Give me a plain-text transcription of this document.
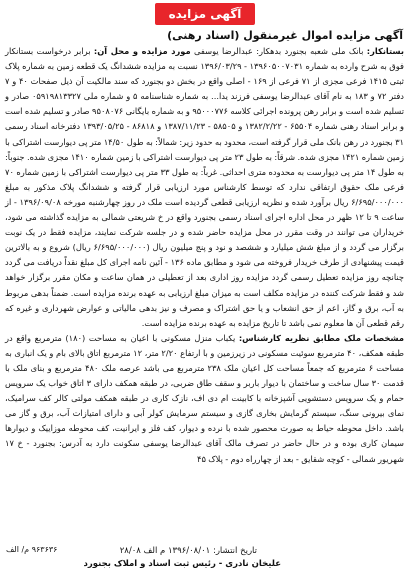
آگهی مزایده
آگهی مزایده اموال غیرمنقول (اسناد رهنی)
بستانکار: بانک ملی شعبه بجنورد بدهکار: عبدالرضا یوسفی مورد مزایده و محل آن: برابر درخواست بستانکار فوق به شرح وارده به شماره ۱۳۹۶۰۵۰۰۷۰۳۱ - ۱۳۹۶/۰۳/۲۹ نسبت به مزایده ششدانگ یک قطعه زمین به شماره پلاک ثبتی ۱۴۱۵ فرعی مجزی از ۷۱ فرعی از ۱۶۹ - اصلی واقع در بخش دو بجنورد که سند مالکیت آن ذیل صفحات ۴۰ و ۷ دفتر ۷۲ و ۱۸۳ به نام آقای عبدالرضا یوسفی فرزند یدا... به شماره شناسنامه ۵ و شماره ملی ۰۵۹۱۹۸۱۳۳۲۷ صادر و تسلیم شده است و برابر رهن پرونده اجرائی کلاسه ۹۵۰۰۰۷۷۶ و به شماره بایگانی ۹۵۰۸۰۷۶ صادر و تسلیم شده است و برابر اسناد رهنی شماره ۶۵۵۰۴ - ۱۳۸۲/۲/۲۲ و ۵۸۵۰۵ - ۱۳۸۷/۱۱/۲۳ و ۸۶۸۱۸ - ۱۳۹۳/۰۵/۲۵ دفترخانه اسناد رسمی ۳۱ بجنورد در رهن بانک ملی قرار گرفته است، محدود به حدود زیر: شمالاً: به طول ۱۴/۵۰ متر پی دیوارست اشتراکی با زمین شماره ۱۴۲۱ مجزی شده. شرقاً: به طول ۲۳ متر پی دیوارست اشتراکی با زمین شماره ۱۴۱۰ مجزی شده. جنوباً: به طول ۱۴ متر پی دیوارست به محدوده متری احداثی. غرباً: به طول ۳۳ متر پی دیوارست اشتراکی با زمین شماره ۷۰ فرعی ملک حقوق ارتفاقی ندارد که توسط کارشناس مورد ارزیابی قرار گرفته و ششدانگ پلاک مذکور به مبلغ ۶/۶۹۵/۰۰۰/۰۰۰ ریال برآورد شده و نظریه ارزیابی قطعی گردیده است ملک در روز چهارشنبه مورخه ۱۳۹۶/۰۹/۰۸ - از ساعت ۹ تا ۱۲ ظهر در محل اداره اجرای اسناد رسمی بجنورد واقع در خ شریعتی شمالی به مزایده گذاشته می شود، خریداران می توانند در وقت مقرر در محل مزایده حاضر شده و در جلسه شرکت نمایند، مزایده فقط در یک نوبت برگزار می گردد و از مبلغ شش میلیارد و ششصد و نود و پنج میلیون ریال (۶/۶۹۵/۰۰۰/۰۰۰ ریال) شروع و به بالاترین قیمت پیشنهادی از طرف خریدار فروخته می شود و مطابق ماده ۱۳۶ - آئین نامه اجرای کل مبلغ نقداً دریافت می گردد چنانچه روز مزایده تعطیل رسمی گردد مزایده روز اداری بعد از تعطیلی در همان ساعت و مکان مقرر برگزار خواهد شد و فقط شرکت کننده در مزایده مکلف است به میزان مبلغ ارزیابی به عهده برنده مزایده است. ضمناً بدهی مربوط به آب، برق و گاز، اعم از حق انشعاب و یا حق اشتراک و مصرف و نیز بدهی مالیاتی و عوارض شهرداری و غیره که رقم قطعی آن ها معلوم نمی باشد تا تاریخ مزایده به عهده برنده مزایده است.
مشخصات ملک مطابق نظریه کارشناس: یکباب منزل مسکونی با اعیان به مساحت (۱۸۰) مترمربع واقع در طبقه همکف، ۴۰ مترمربع سوئیت مسکونی در زیرزمین و با ارتفاع ۲/۲۰ متر، ۱۲ مترمربع اتاق بالای بام و یک انباری به مساحت ۶ مترمربع که جمعاً مساحت کل اعیان ملک ۲۳۸ مترمربع می باشد عرصه ملک ۴۸۰ مترمربع و بنای ملک با قدمت ۳۰ سال ساخت و ساختمان با دیوار باربر و سقف طاق ضربی، در طبقه همکف دارای ۳ اتاق خواب یک سرویس حمام و یک سرویس دستشویی آشپزخانه با کابینت ام دی اف، نازک کاری در طبقه همکف مولتی کالر کف سرامیک، نمای بیرونی سنگ، سیستم گرمایش بخاری گازی و سیستم سرمایش کولر آبی و دارای امتیازات آب، برق و گاز می باشد. داخل محوطه حیاط به صورت محصور شده با نرده و دیوار، کف فلز و ایرانیت، کف محوطه موزاییک و دیوارها سیمان کاری بوده و در حال حاضر در تصرف مالک آقای عبدالرضا یوسفی سکونت دارد به آدرس: بجنورد - خ ۱۷ شهریور شمالی - کوچه شقایق - بعد از چهارراه دوم - پلاک ۴۵
تاریخ انتشار: ۱۳۹۶/۰۸/۰۱ م الف ۲۸/۰۸
۹۶۳۶۳۶ م/ الف
علیخان نادری - رئیس ثبت اسناد و املاک بجنورد
